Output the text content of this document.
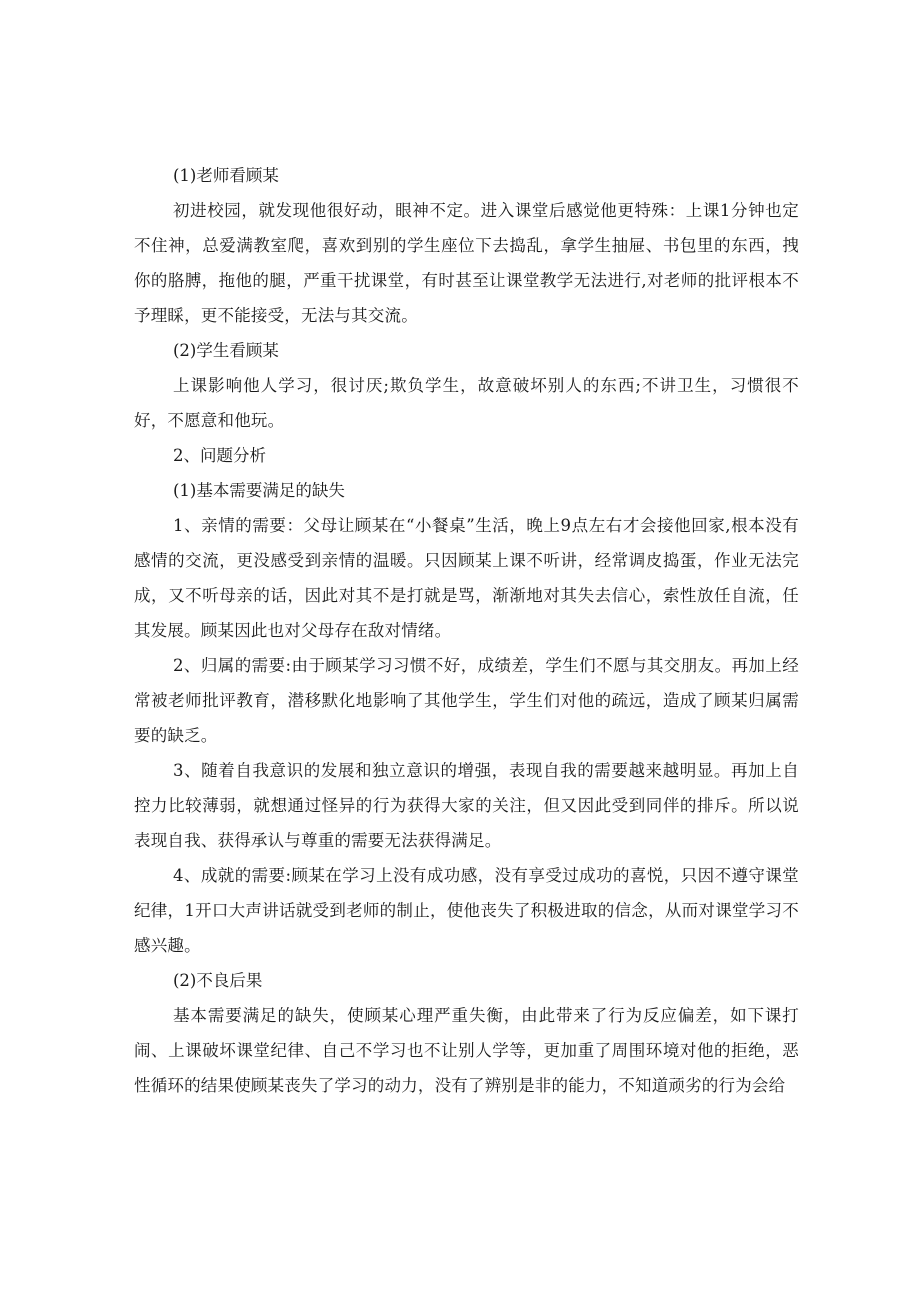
(1)老师看顾某

初进校园，就发现他很好动，眼神不定。进入课堂后感觉他更特殊：上课1分钟也定不住神，总爱满教室爬，喜欢到别的学生座位下去捣乱，拿学生抽屉、书包里的东西，拽你的胳膊，拖他的腿，严重干扰课堂，有时甚至让课堂教学无法进行,对老师的批评根本不予理睬，更不能接受，无法与其交流。

(2)学生看顾某

上课影响他人学习，很讨厌;欺负学生，故意破坏别人的东西;不讲卫生，习惯很不好，不愿意和他玩。

2、问题分析

(1)基本需要满足的缺失

1、亲情的需要：父母让顾某在“小餐桌”生活，晚上9点左右才会接他回家,根本没有感情的交流，更没感受到亲情的温暖。只因顾某上课不听讲，经常调皮捣蛋，作业无法完成，又不听母亲的话，因此对其不是打就是骂，渐渐地对其失去信心，索性放任自流，任其发展。顾某因此也对父母存在敌对情绪。

2、归属的需要:由于顾某学习习惯不好，成绩差，学生们不愿与其交朋友。再加上经常被老师批评教育，潜移默化地影响了其他学生，学生们对他的疏远，造成了顾某归属需要的缺乏。

3、随着自我意识的发展和独立意识的增强，表现自我的需要越来越明显。再加上自控力比较薄弱，就想通过怪异的行为获得大家的关注，但又因此受到同伴的排斥。所以说表现自我、获得承认与尊重的需要无法获得满足。

4、成就的需要:顾某在学习上没有成功感，没有享受过成功的喜悦，只因不遵守课堂纪律，1开口大声讲话就受到老师的制止，使他丧失了积极进取的信念，从而对课堂学习不感兴趣。

(2)不良后果

基本需要满足的缺失，使顾某心理严重失衡，由此带来了行为反应偏差，如下课打闹、上课破坏课堂纪律、自己不学习也不让别人学等，更加重了周围环境对他的拒绝，恶性循环的结果使顾某丧失了学习的动力，没有了辨别是非的能力，不知道顽劣的行为会给
